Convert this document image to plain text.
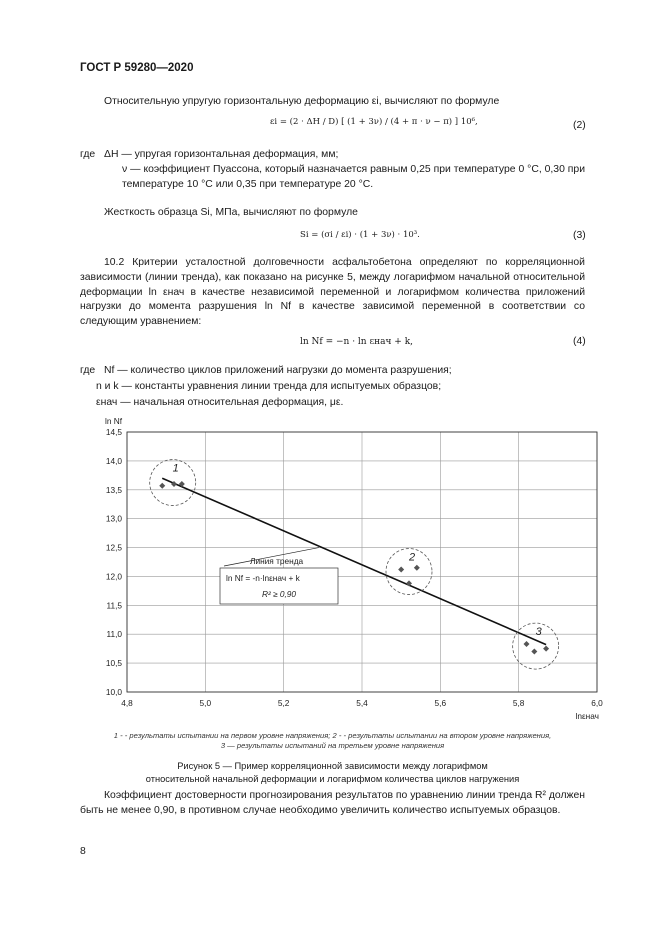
ГОСТ Р 59280—2020
Относительную упругую горизонтальную деформацию εi, вычисляют по формуле
εi = (2 · ΔH / D) [ (1 + 3ν) / (4 + π · ν − π) ] 10⁶,	(2)
где ΔH — упругая горизонтальная деформация, мм;
ν — коэффициент Пуассона, который назначается равным 0,25 при температуре 0 °С, 0,30 при температуре 10 °С или 0,35 при температуре 20 °С.
Жесткость образца Si, МПа, вычисляют по формуле
Si = (σi / εi) · (1 + 3ν) · 10³.	(3)
10.2 Критерии усталостной долговечности асфальтобетона определяют по корреляционной зависимости (линии тренда), как показано на рисунке 5, между логарифмом начальной относительной деформации ln εнач в качестве независимой переменной и логарифмом количества приложений нагрузки до момента разрушения ln Nf в качестве зависимой переменной в соответствии со следующим уравнением:
ln Nf = −n · ln εнач + k,	(4)
где Nf — количество циклов приложений нагрузки до момента разрушения;
n и k — константы уравнения линии тренда для испытуемых образцов;
εнач — начальная относительная деформация, με.
10,0
10,5
11,0
11,5
12,0
12,5
13,0
13,5
14,0
14,5
4,8	5,0	5,2	5,4	5,6	5,8	6,0
ln Nf
lnεнач
1
2
3
Линия тренда
ln Nf = -n·lnεнач + k
R² ≥ 0,90
1 - - результаты испытании на первом уровне напряжения; 2 - - результаты испытании на втором уровне напряжения,
3 — результаты испытаний на третьем уровне напряжения
Рисунок 5 — Пример корреляционной зависимости между логарифмом
относительной начальной деформации и логарифмом количества циклов нагружения
Коэффициент достоверности прогнозирования результатов по уравнению линии тренда R² должен быть не менее 0,90, в противном случае необходимо увеличить количество испытуемых образцов.
8
